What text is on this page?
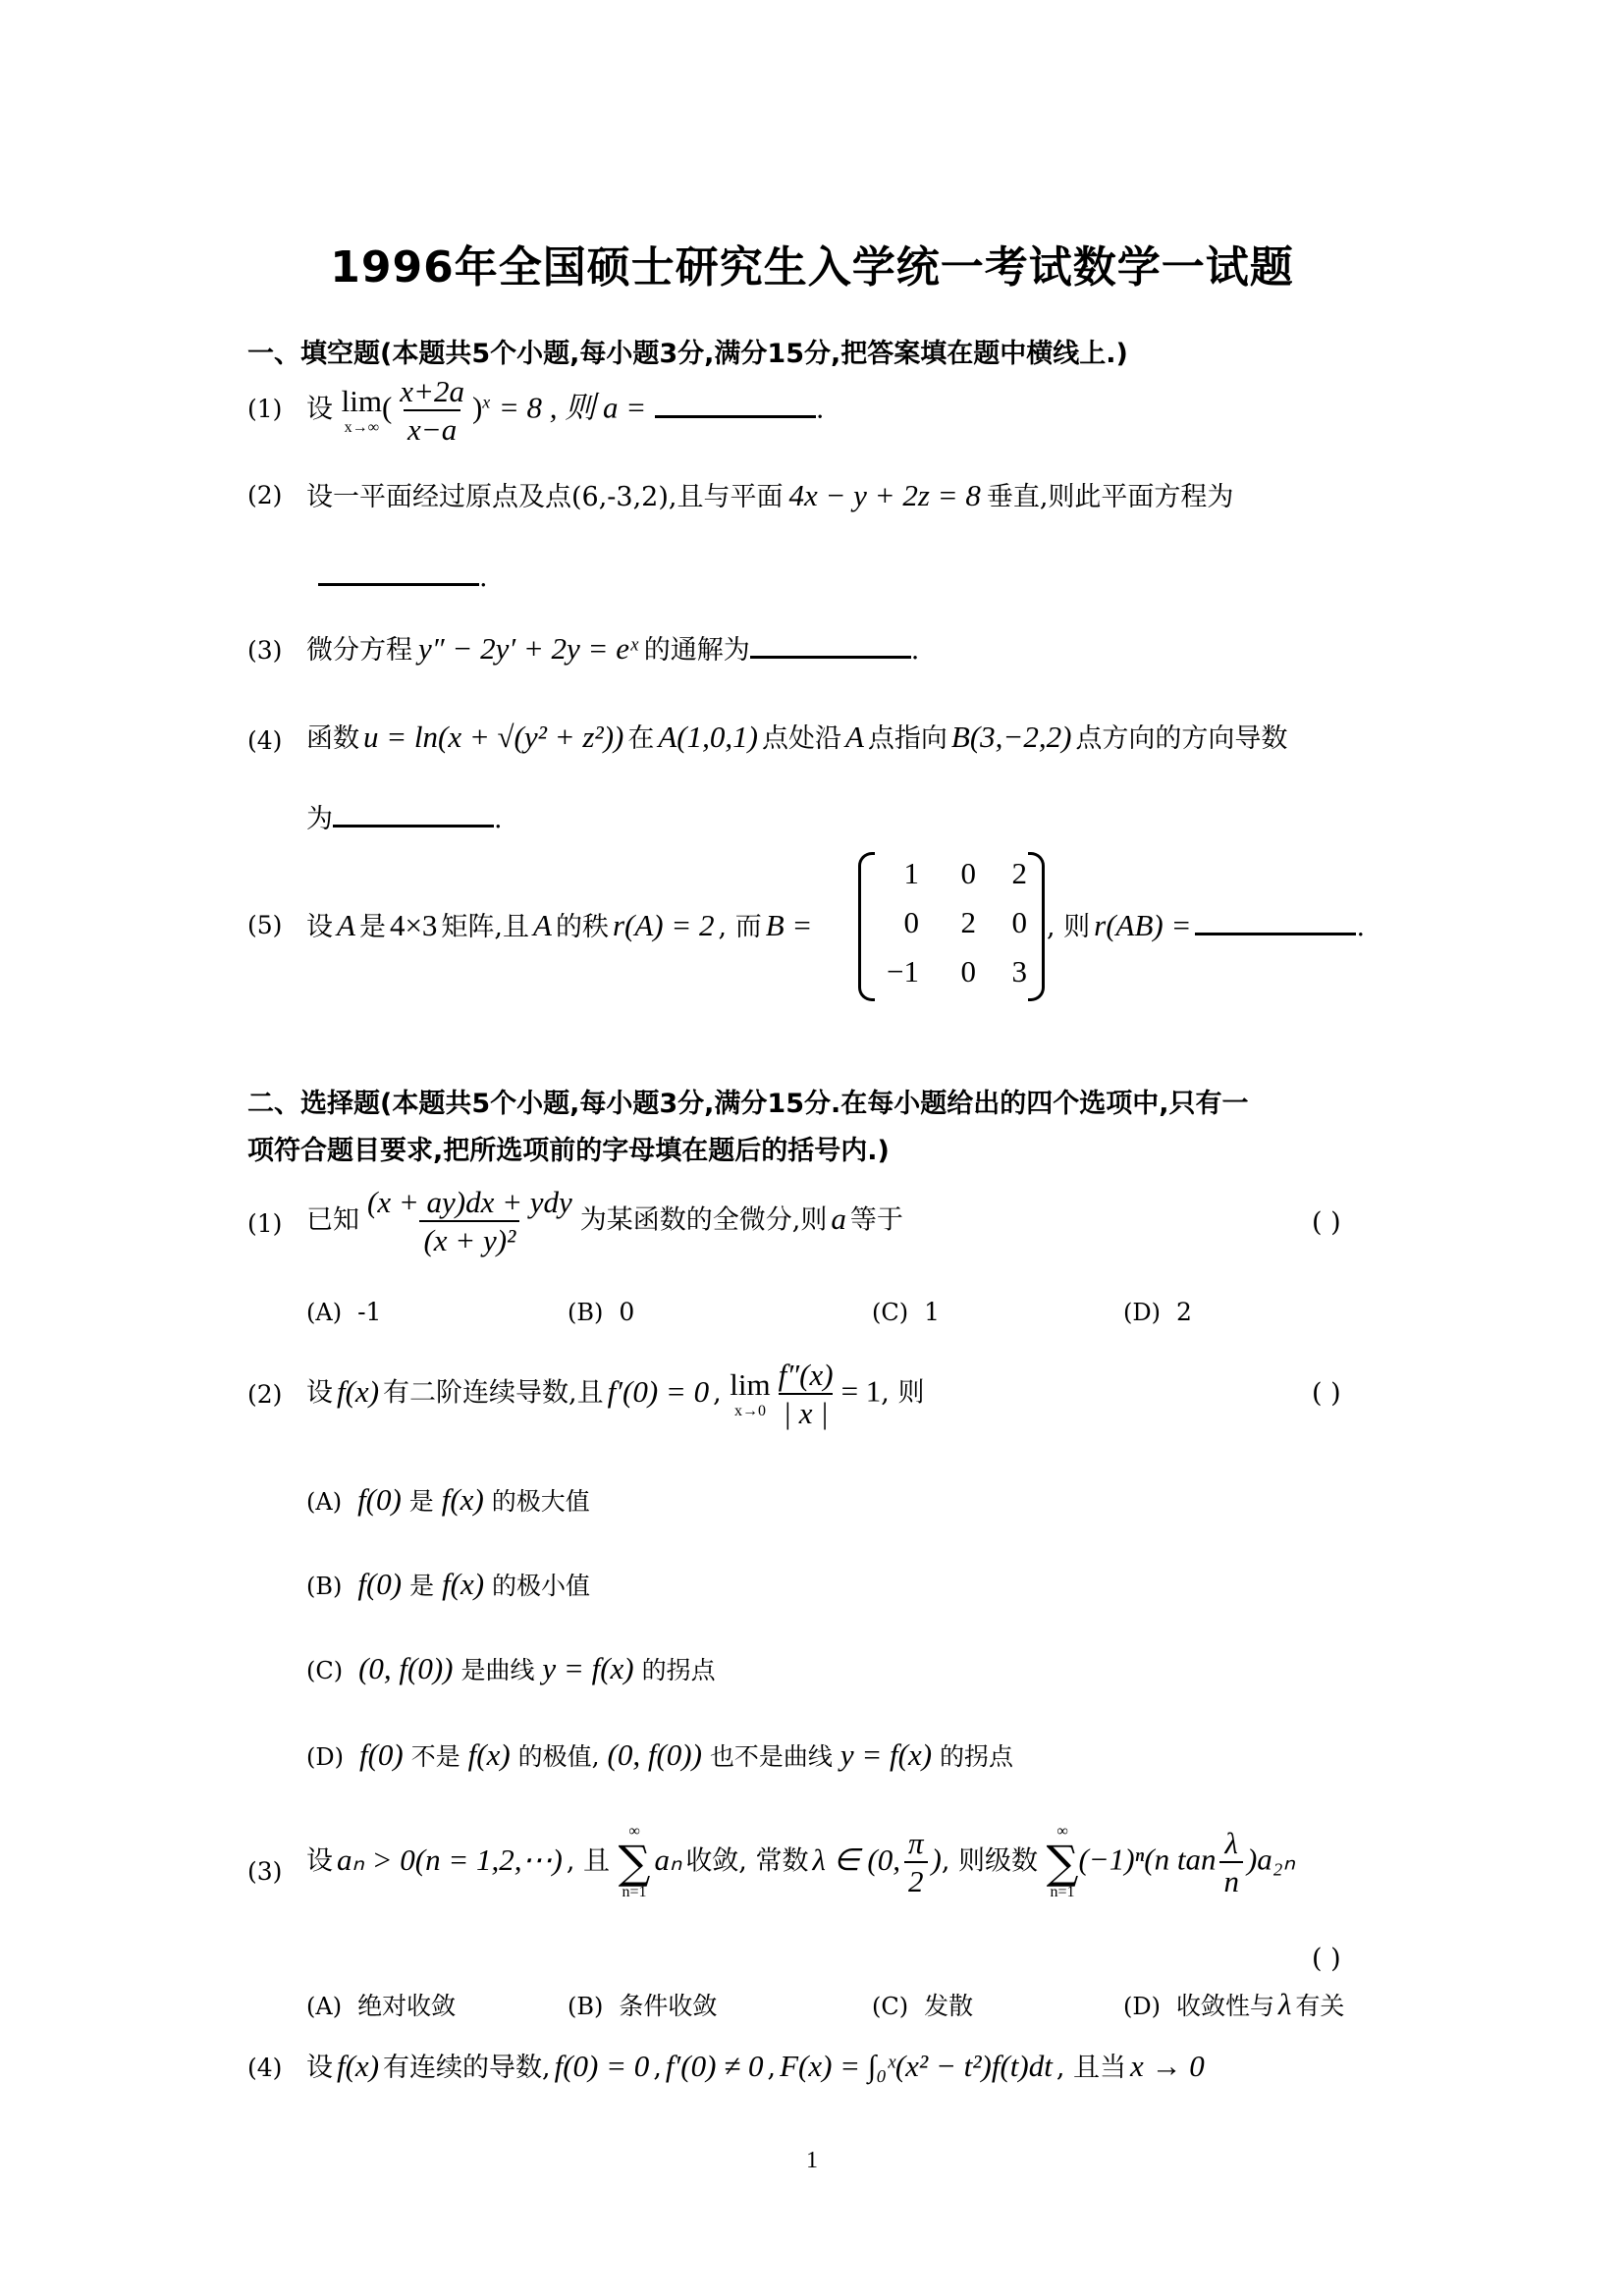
1996年全国硕士研究生入学统一考试数学一试题
一、填空题(本题共5个小题,每小题3分,满分15分,把答案填在题中横线上.)
(1) 设 lim
x→∞
( $\frac{x+2a}{x-a} )^x = 8$ , 则 a =	.
(2) 设一平面经过原点及点(6,-3,2),且与平面 4x − y + 2z = 8 垂直,则此平面方程为
.
(3) 微分方程 y″ − 2y′ + 2y = eˣ 的通解为	.
(4) 函数 u = ln(x + √(y² + z²)) 在 A(1,0,1) 点处沿 A 点指向 B(3,−2,2) 点方向的方向导数
为	.
(5) 设 A 是 4×3 矩阵,且 A 的秩 r(A) = 2 , 而 B =
1	0	2
0	2	0
−1	0	3
, 则 r(AB) =	.
二、选择题(本题共5个小题,每小题3分,满分15分.在每小题给出的四个选项中,只有一
项符合题目要求,把所选项前的字母填在题后的括号内.)
(1) 已知 $\frac{\text{(x + ay)dx + ydy}}{\text{(x + y)²}}$ 为某函数的全微分,则 a 等于	( )
(A) -1	(B) 0	(C) 1	(D) 2
(2) 设 f(x) 有二阶连续导数,且 f′(0) = 0 , lim
$x\to 0 \frac{f''(x)}{| x |} = 1$, 则	( )
(A) f(0) 是 f(x) 的极大值
(B) f(0) 是 f(x) 的极小值
(C) (0, f(0)) 是曲线 y = f(x) 的拐点
(D) f(0) 不是 f(x) 的极值, (0, f(0)) 也不是曲线 y = f(x) 的拐点
(3) 设 aₙ > 0(n = 1,2,⋯) , 且
∞
∑
n=1
aₙ 收敛, 常数 λ ∈ (0, $\frac{\pi}{2}$ ), 则级数
∞
∑
n=1
(−1)ⁿ(n $\tan \frac{\lambda}{n} )a_{2n}$
( )
(A) 绝对收敛	(B) 条件收敛	(C) 发散	(D) 收敛性与 λ 有关
(4) 设 f(x) 有连续的导数, f(0) = 0 , f′(0) ≠ 0 , F(x) = ∫₀ˣ(x² − t²)f(t)dt , 且当 x → 0
1
